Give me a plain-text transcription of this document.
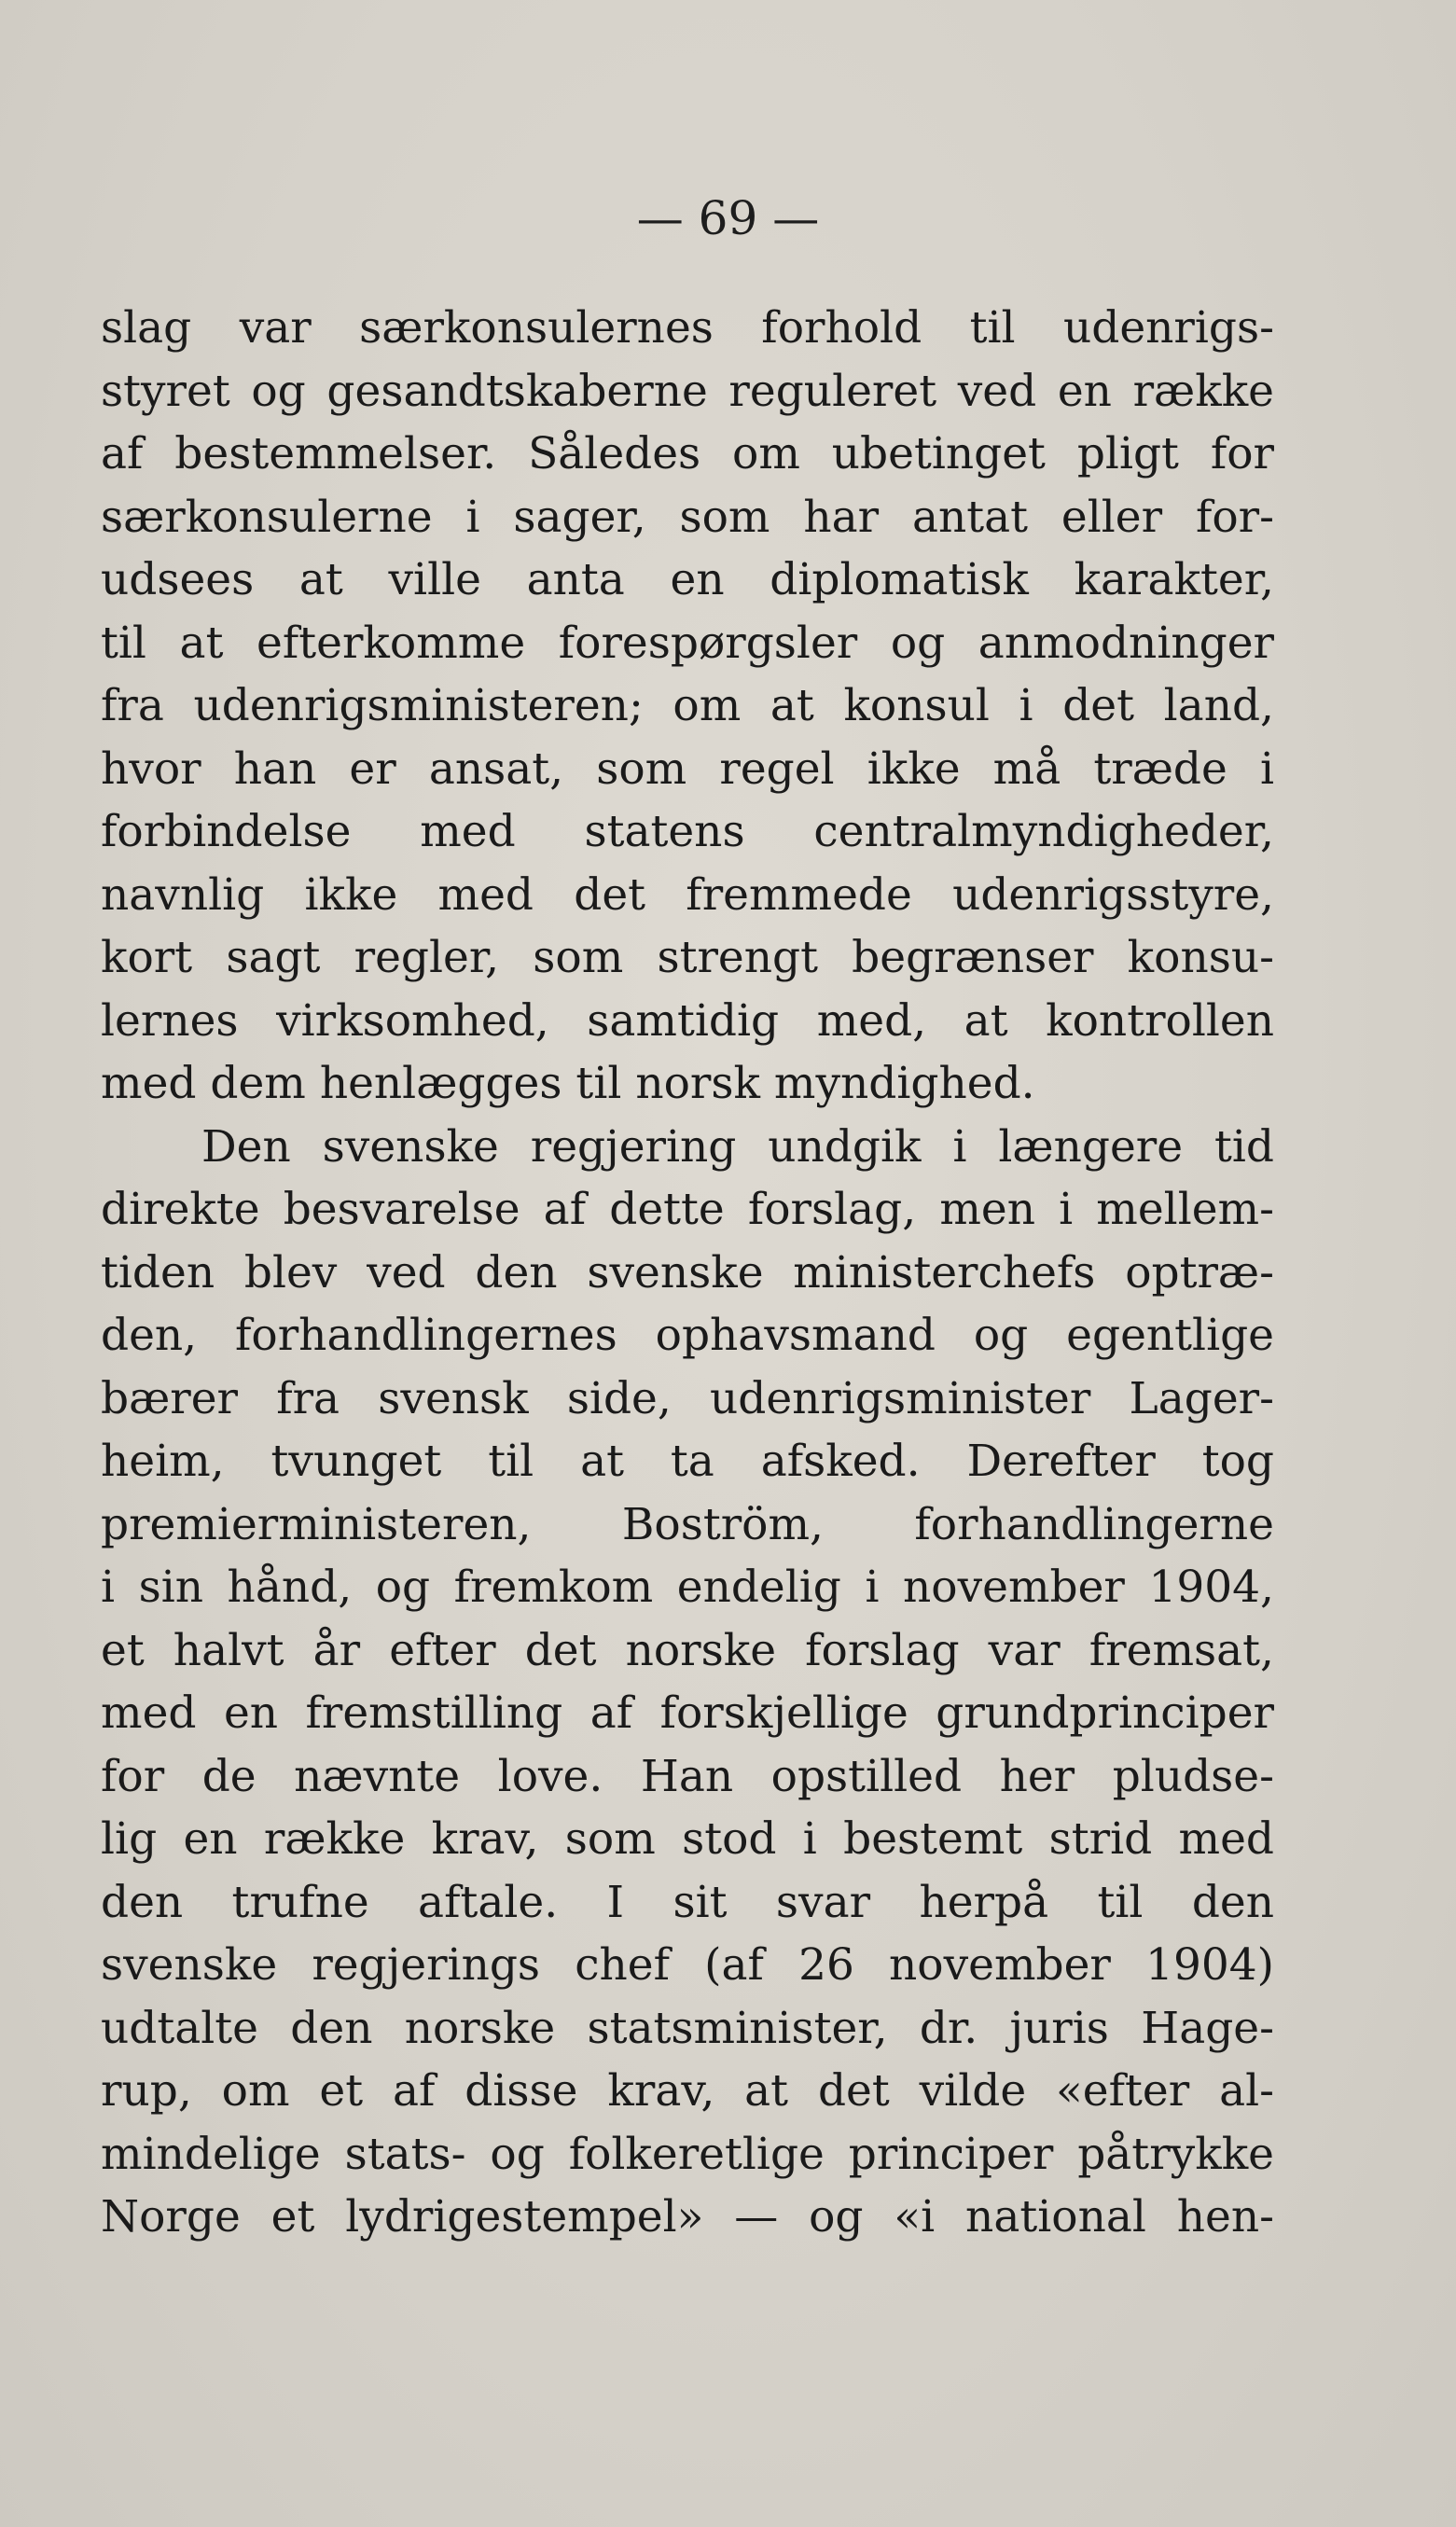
— 69 —
slag var særkonsulernes forhold til udenrigs-
styret og gesandtskaberne reguleret ved en række
af bestemmelser. Således om ubetinget pligt for
særkonsulerne i sager, som har antat eller for-
udsees at ville anta en diplomatisk karakter,
til at efterkomme forespørgsler og anmodninger
fra udenrigsministeren; om at konsul i det land,
hvor han er ansat, som regel ikke må træde i
forbindelse med statens centralmyndigheder,
navnlig ikke med det fremmede udenrigsstyre,
kort sagt regler, som strengt begrænser konsu-
lernes virksomhed, samtidig med, at kontrollen
med dem henlægges til norsk myndighed.
Den svenske regjering undgik i længere tid
direkte besvarelse af dette forslag, men i mellem-
tiden blev ved den svenske ministerchefs optræ-
den, forhandlingernes ophavsmand og egentlige
bærer fra svensk side, udenrigsminister Lager-
heim, tvunget til at ta afsked. Derefter tog
premierministeren, Boström, forhandlingerne
i sin hånd, og fremkom endelig i november 1904,
et halvt år efter det norske forslag var fremsat,
med en fremstilling af forskjellige grundprinciper
for de nævnte love. Han opstilled her pludse-
lig en række krav, som stod i bestemt strid med
den trufne aftale. I sit svar herpå til den
svenske regjerings chef (af 26 november 1904)
udtalte den norske statsminister, dr. juris Hage-
rup, om et af disse krav, at det vilde «efter al-
mindelige stats- og folkeretlige principer påtrykke
Norge et lydrigestempel» — og «i national hen-
